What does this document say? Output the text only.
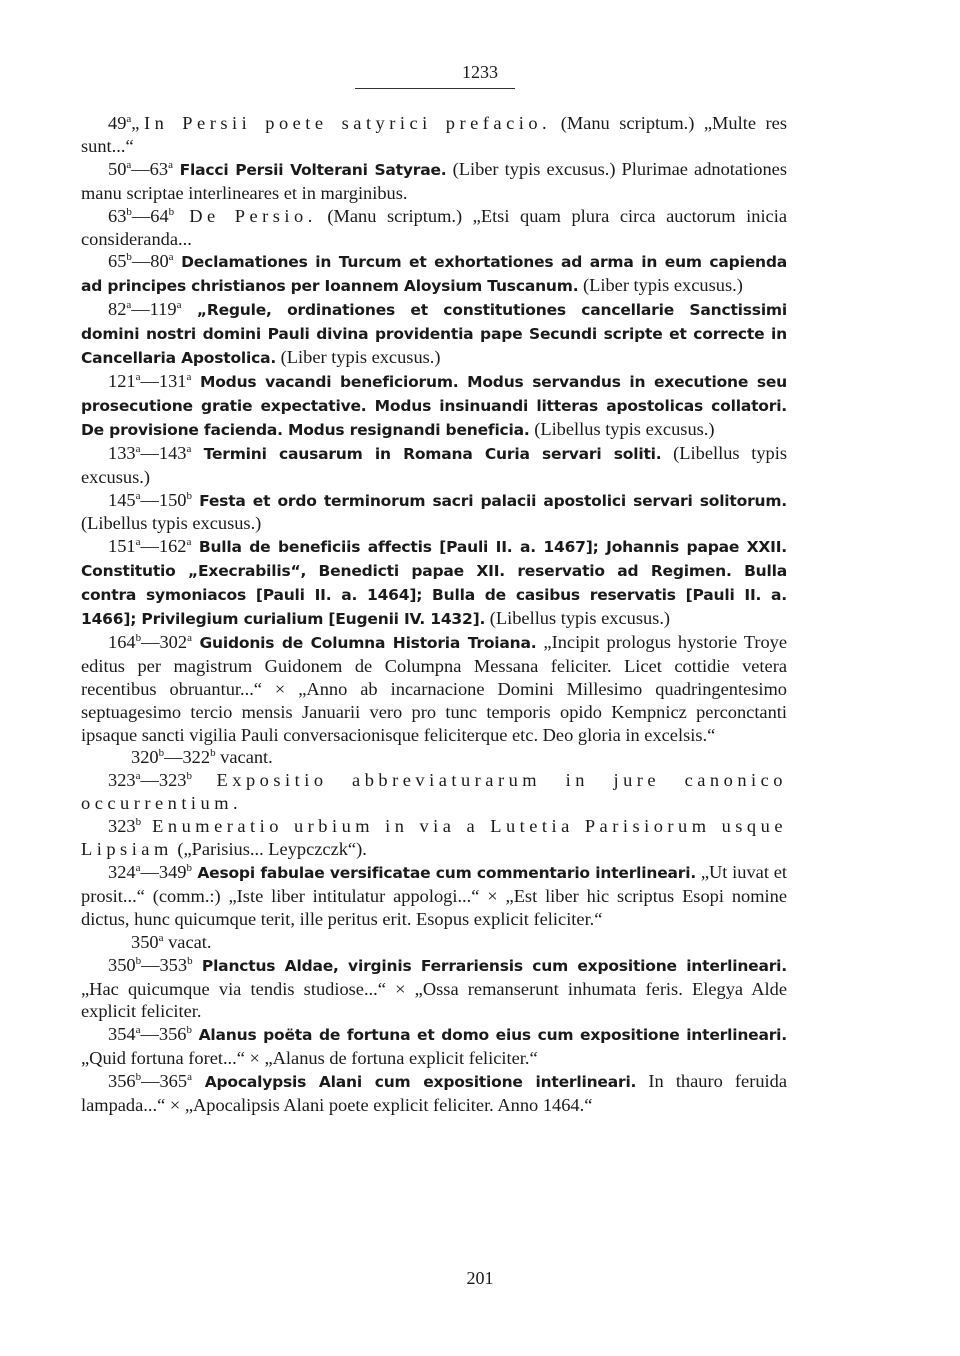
1233

49$^a$„In Persii poete satyrici prefacio. (Manu scriptum.) „Multe res sunt...“

50$^a$—63$^a$ Flacci Persii Volterani Satyrae. (Liber typis excusus.) Plurimae adnotationes manu scriptae interlineares et in marginibus.

63$^b$—64$^b$ De Persio. (Manu scriptum.) „Etsi quam plura circa auctorum inicia consideranda...

65$^b$—80$^a$ Declamationes in Turcum et exhortationes ad arma in eum capienda ad principes christianos per Ioannem Aloysium Tuscanum. (Liber typis excusus.)

82$^a$—119$^a$ „Regule, ordinationes et constitutiones cancellarie Sanctissimi domini nostri domini Pauli divina providentia pape Secundi scripte et correcte in Cancellaria Apostolica. (Liber typis excusus.)

121$^a$—131$^a$ Modus vacandi beneficiorum. Modus servandus in executione seu prosecutione gratie expectative. Modus insinuandi litteras apostolicas collatori. De provisione facienda. Modus resignandi beneficia. (Libellus typis excusus.)

133$^a$—143$^a$ Termini causarum in Romana Curia servari soliti. (Libellus typis excusus.)

145$^a$—150$^b$ Festa et ordo terminorum sacri palacii apostolici servari solitorum. (Libellus typis excusus.)

151$^a$—162$^a$ Bulla de beneficiis affectis [Pauli II. a. 1467]; Johannis papae XXII. Constitutio „Execrabilis“, Benedicti papae XII. reservatio ad Regimen. Bulla contra symoniacos [Pauli II. a. 1464]; Bulla de casibus reservatis [Pauli II. a. 1466]; Privilegium curialium [Eugenii IV. 1432]. (Libellus typis excusus.)

164$^b$—302$^a$ Guidonis de Columna Historia Troiana. „Incipit prologus hystorie Troye editus per magistrum Guidonem de Columpna Messana feliciter. Licet cottidie vetera recentibus obruantur...“ × „Anno ab incarnacione Domini Millesimo quadringentesimo septuagesimo tercio mensis Januarii vero pro tunc temporis opido Kempnicz perconctanti ipsaque sancti vigilia Pauli conversacionisque feliciterque etc. Deo gloria in excelsis.“

320$^b$—322$^b$ vacant.

323$^a$—323$^b$ Expositio abbreviaturarum in jure canonico occurrentium.

323$^b$ Enumeratio urbium in via a Lutetia Parisiorum usque Lipsiam („Parisius... Leypczczk“).

324$^a$—349$^b$ Aesopi fabulae versificatae cum commentario interlineari. „Ut iuvat et prosit...“ (comm.:) „Iste liber intitulatur appologi...“ × „Est liber hic scriptus Esopi nomine dictus, hunc quicumque terit, ille peritus erit. Esopus explicit feliciter.“

350$^a$ vacat.

350$^b$—353$^b$ Planctus Aldae, virginis Ferrariensis cum expositione interlineari. „Hac quicumque via tendis studiose...“ × „Ossa remanserunt inhumata feris. Elegya Alde explicit feliciter.

354$^a$—356$^b$ Alanus poëta de fortuna et domo eius cum expositione interlineari. „Quid fortuna foret...“ × „Alanus de fortuna explicit feliciter.“

356$^b$—365$^a$ Apocalypsis Alani cum expositione interlineari. In thauro feruida lampada...“ × „Apocalipsis Alani poete explicit feliciter. Anno 1464.“

201
